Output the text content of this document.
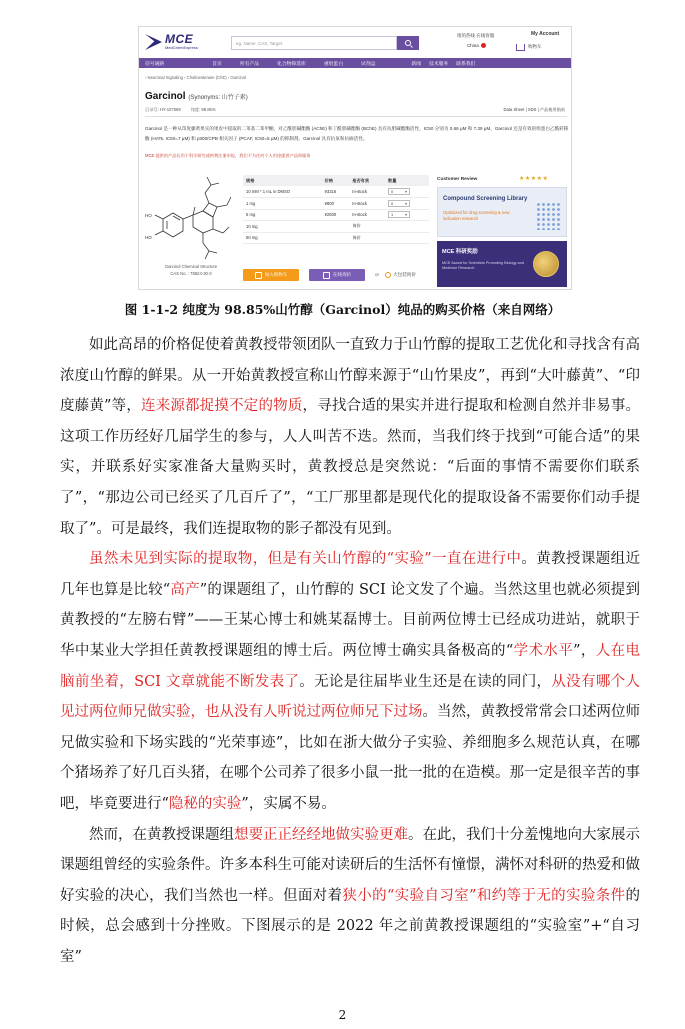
MCE
MedChemExpress
eg. Name, CAS, Target
咱的热线 在线客服
China
My Account
购物车
信号通路	首页	所有产品	化合物筛选库	重组蛋白	试剂盒	新闻 技术服务 联系我们
› Neuronal Signaling › Cholinesterase (ChE) › Garcinol
Garcinol (Synonyms: 山竹子素)
目录号: HY-107569 纯度: 98.85%	Data Sheet | SDS | 产品使用指南
Garcinol 是一种从印度藤黄果实的果皮中提取的二苯基二苯甲酮，对乙酰胆碱酯酶 (AChE) 和丁酰胆碱酯酶 (BChE) 具有抗胆碱酯酶活性，IC50 分别为 0.66 μM 和 7.39 μM。Garcinol 还是有效的组蛋白乙酰转移酶 (HATs, IC50=7 μM) 和 p300/CPB 相关因子 (PCAF, IC50=5 μM) 的抑制剂。Garcinol 具有抗氧和抗癌活性。
MCE 提供的产品仅用于科学研究或药物注册申报，我们不为任何个人用途提供产品和服务
HO
HO
Garcinol Chemical Structure
CAS No. : 78824-30-3
规格	价格	是否有货	数量
10 mM * 1 mL in DMSO	¥3316	In-stock	0
1 mg	¥800	In-stock	0
5 mg	¥2600	In-stock	1
10 mg		询价	
50 mg		询价	
加入购物车	在线询价	or	大包装询价
Customer Review	★★★★★
Compound Screening Library
Optimized for drug screening & new indication research
MCE 科研奖励
MCE Award for Scientists Promoting Biology and Medicine Research
图 1-1-2 纯度为 98.85%山竹醇（Garcinol）纯品的购买价格（来自网络）

如此高昂的价格促使着黄教授带领团队一直致力于山竹醇的提取工艺优化和寻找含有高浓度山竹醇的鲜果。从一开始黄教授宣称山竹醇来源于“山竹果皮”，再到“大叶藤黄”、“印度藤黄”等，连来源都捉摸不定的物质，寻找合适的果实并进行提取和检测自然并非易事。这项工作历经好几届学生的参与，人人叫苦不迭。然而，当我们终于找到“可能合适”的果实，并联系好实家准备大量购买时，黄教授总是突然说：“后面的事情不需要你们联系了”，“那边公司已经买了几百斤了”，“工厂那里都是现代化的提取设备不需要你们动手提取了”。可是最终，我们连提取物的影子都没有见到。

虽然未见到实际的提取物，但是有关山竹醇的“实验”一直在进行中。黄教授课题组近几年也算是比较“高产”的课题组了，山竹醇的 SCI 论文发了个遍。当然这里也就必须提到黄教授的“左膀右臂”——王某心博士和姚某磊博士。目前两位博士已经成功进站，就职于华中某业大学担任黄教授课题组的博士后。两位博士确实具备极高的“学术水平”，人在电脑前坐着，SCI 文章就能不断发表了。无论是往届毕业生还是在读的同门，从没有哪个人见过两位师兄做实验，也从没有人听说过两位师兄下过场。当然，黄教授常常会口述两位师兄做实验和下场实践的“光荣事迹”，比如在浙大做分子实验、养细胞多么规范认真，在哪个猪场养了好几百头猪，在哪个公司养了很多小鼠一批一批的在造模。那一定是很辛苦的事吧，毕竟要进行“隐秘的实验”，实属不易。

然而，在黄教授课题组想要正正经经地做实验更难。在此，我们十分羞愧地向大家展示课题组曾经的实验条件。许多本科生可能对读研后的生活怀有憧憬，满怀对科研的热爱和做好实验的决心，我们当然也一样。但面对着狭小的“实验自习室”和约等于无的实验条件的时候，总会感到十分挫败。下图展示的是 2022 年之前黄教授课题组的“实验室”+“自习室”

2
